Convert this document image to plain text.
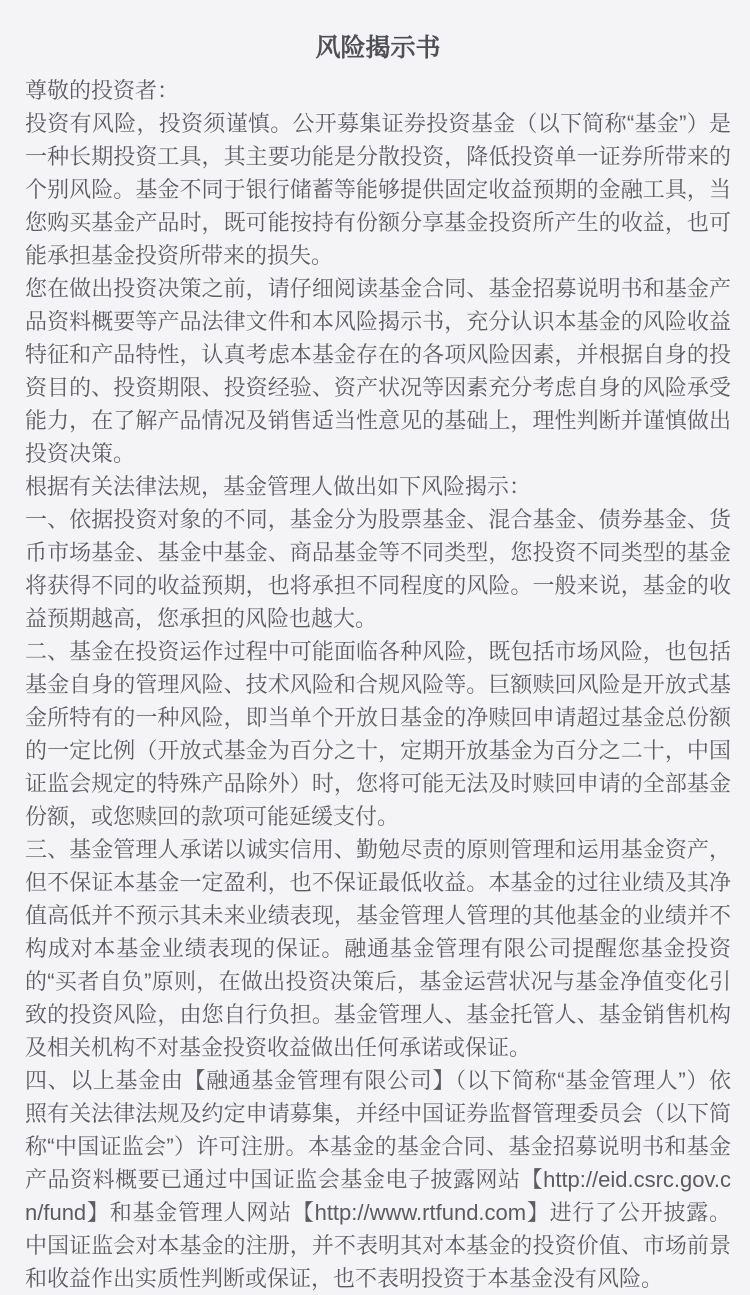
风险揭示书

尊敬的投资者：

投资有风险，投资须谨慎。公开募集证券投资基金（以下简称“基金”）是一种长期投资工具，其主要功能是分散投资，降低投资单一证券所带来的个别风险。基金不同于银行储蓄等能够提供固定收益预期的金融工具，当您购买基金产品时，既可能按持有份额分享基金投资所产生的收益，也可能承担基金投资所带来的损失。

您在做出投资决策之前，请仔细阅读基金合同、基金招募说明书和基金产品资料概要等产品法律文件和本风险揭示书，充分认识本基金的风险收益特征和产品特性，认真考虑本基金存在的各项风险因素，并根据自身的投资目的、投资期限、投资经验、资产状况等因素充分考虑自身的风险承受能力，在了解产品情况及销售适当性意见的基础上，理性判断并谨慎做出投资决策。

根据有关法律法规，基金管理人做出如下风险揭示：

一、依据投资对象的不同，基金分为股票基金、混合基金、债券基金、货币市场基金、基金中基金、商品基金等不同类型，您投资不同类型的基金将获得不同的收益预期，也将承担不同程度的风险。一般来说，基金的收益预期越高，您承担的风险也越大。

二、基金在投资运作过程中可能面临各种风险，既包括市场风险，也包括基金自身的管理风险、技术风险和合规风险等。巨额赎回风险是开放式基金所特有的一种风险，即当单个开放日基金的净赎回申请超过基金总份额的一定比例（开放式基金为百分之十，定期开放基金为百分之二十，中国证监会规定的特殊产品除外）时，您将可能无法及时赎回申请的全部基金份额，或您赎回的款项可能延缓支付。

三、基金管理人承诺以诚实信用、勤勉尽责的原则管理和运用基金资产，但不保证本基金一定盈利，也不保证最低收益。本基金的过往业绩及其净值高低并不预示其未来业绩表现，基金管理人管理的其他基金的业绩并不构成对本基金业绩表现的保证。融通基金管理有限公司提醒您基金投资的“买者自负”原则，在做出投资决策后，基金运营状况与基金净值变化引致的投资风险，由您自行负担。基金管理人、基金托管人、基金销售机构及相关机构不对基金投资收益做出任何承诺或保证。

四、以上基金由【融通基金管理有限公司】（以下简称“基金管理人”）依照有关法律法规及约定申请募集，并经中国证券监督管理委员会（以下简称“中国证监会”）许可注册。本基金的基金合同、基金招募说明书和基金产品资料概要已通过中国证监会基金电子披露网站【http://eid.csrc.gov.cn/fund】和基金管理人网站【http://www.rtfund.com】进行了公开披露。中国证监会对本基金的注册，并不表明其对本基金的投资价值、市场前景和收益作出实质性判断或保证，也不表明投资于本基金没有风险。
